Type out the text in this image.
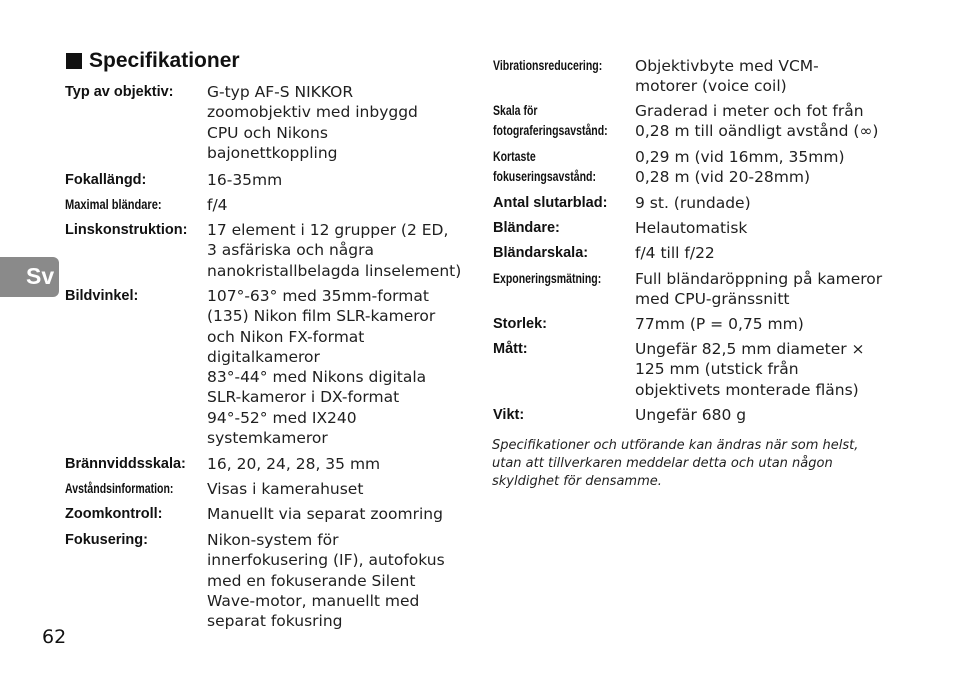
Specifikationer
Typ av objektiv:	G-typ AF-S NIKKOR
zoomobjektiv med inbyggd
CPU och Nikons
bajonettkoppling
Fokallängd:	16-35mm
Maximal bländare:	f/4
Linskonstruktion:	17 element i 12 grupper (2 ED,
3 asfäriska och några
nanokristallbelagda linselement)
Bildvinkel:	107°-63° med 35mm-format
(135) Nikon film SLR-kameror
och Nikon FX-format
digitalkameror
83°-44° med Nikons digitala
SLR-kameror i DX-format
94°-52° med IX240
systemkameror
Brännviddsskala:	16, 20, 24, 28, 35 mm
Avståndsinformation: Visas i kamerahuset
Zoomkontroll:	Manuellt via separat zoomring
Fokusering:	Nikon-system för
innerfokusering (IF), autofokus
med en fokuserande Silent
Wave-motor, manuellt med
separat fokusring
Vibrationsreducering: Objektivbyte med VCM-
motorer (voice coil)
Skala för
fotograferingsavstånd:
Graderad i meter och fot från
0,28 m till oändligt avstånd (∞)
Kortaste
fokuseringsavstånd:
0,29 m (vid 16mm, 35mm)
0,28 m (vid 20-28mm)
Antal slutarblad:	9 st. (rundade)
Bländare:	Helautomatisk
Bländarskala:	f/4 till f/22
Exponeringsmätning: Full bländaröppning på kameror
med CPU-gränssnitt
Storlek:	77mm (P = 0,75 mm)
Mått:	Ungefär 82,5 mm diameter ×
125 mm (utstick från
objektivets monterade fläns)
Vikt:	Ungefär 680 g
Specifikationer och utförande kan ändras när som helst,
utan att tillverkaren meddelar detta och utan någon
skyldighet för densamme.
Sv
62
